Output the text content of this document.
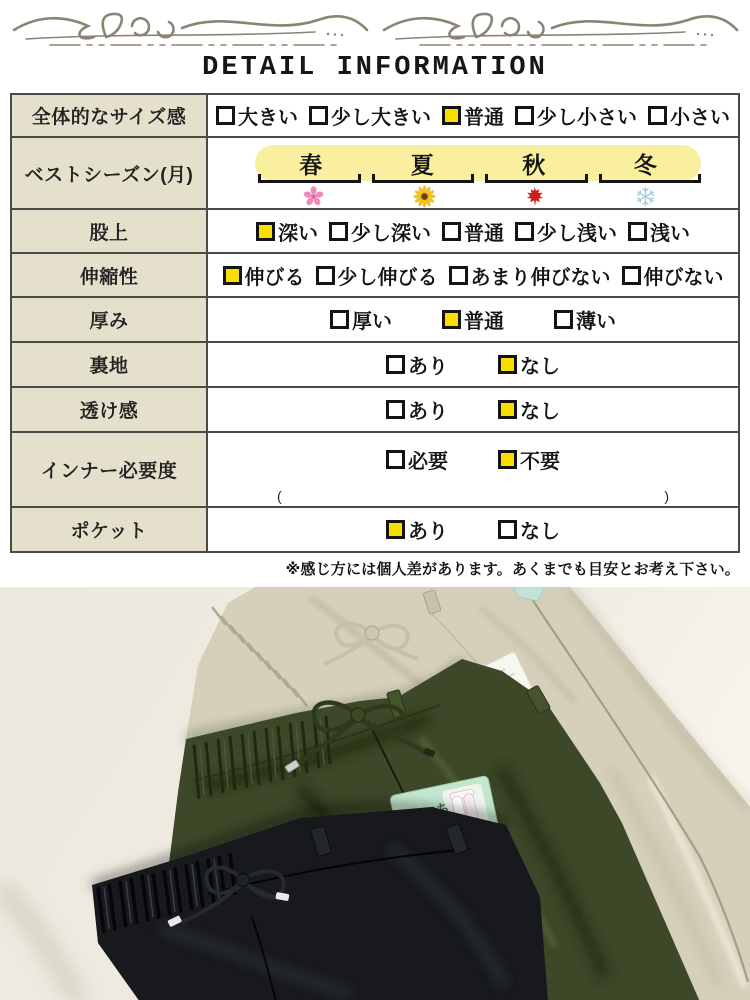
DETAIL INFORMATION
全体的なサイズ感	大きい 少し大きい 普通 少し小さい 小さい
ベストシーズン(月)	春	夏	秋	冬
股上	深い 少し深い 普通 少し浅い 浅い
伸縮性	伸びる 少し伸びる あまり伸びない 伸びない
厚み	厚い	普通	薄い
裏地	あり	なし
透け感	あり	なし
インナー必要度	必要	不要
(	)
ポケット	あり	なし
※感じ方には個人差があります。あくまでも目安とお考え下さい。
